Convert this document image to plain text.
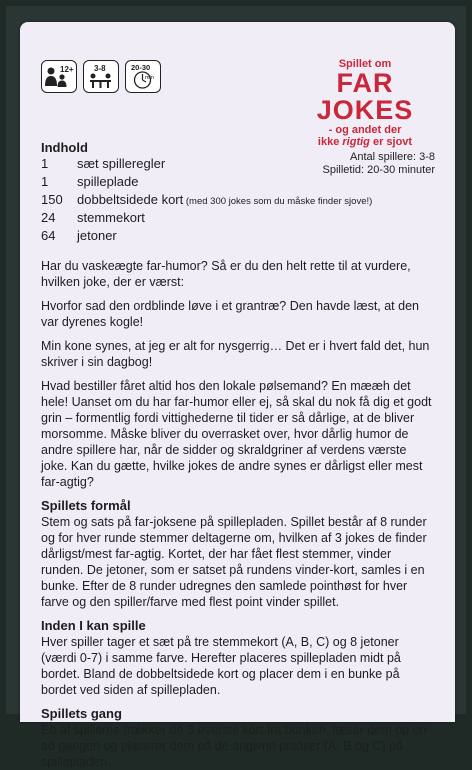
12+	3-8	20-30
min
Spillet om
FAR
JOKES
- og andet der
ikke rigtig er sjovt
Antal spillere: 3-8
Spilletid: 20-30 minuter
Indhold
1	sæt spilleregler
1	spilleplade
150	dobbeltsidede kort (med 300 jokes som du måske finder sjove!)
24	stemmekort
64	jetoner

Har du vaskeægte far-humor? Så er du den helt rette til at vurdere, hvilken joke, der er værst:

Hvorfor sad den ordblinde løve i et grantræ? Den havde læst, at den var dyrenes kogle!

Min kone synes, at jeg er alt for nysgerrig… Det er i hvert fald det, hun skriver i sin dagbog!

Hvad bestiller fåret altid hos den lokale pølsemand? En mææh det hele! Uanset om du har far-humor eller ej, så skal du nok få dig et godt grin – formentlig fordi vittighederne til tider er så dårlige, at de bliver morsomme. Måske bliver du overrasket over, hvor dårlig humor de andre spillere har, når de sidder og skraldgriner af verdens værste joke. Kan du gætte, hvilke jokes de andre synes er dårligst eller mest far-agtig?

Spillets formål

Stem og sats på far-joksene på spillepladen. Spillet består af 8 runder og for hver runde stemmer deltagerne om, hvilken af 3 jokes de finder dårligst/mest far-agtig. Kortet, der har fået flest stemmer, vinder runden. De jetoner, som er satset på rundens vinder-kort, samles i en bunke. Efter de 8 runder udregnes den samlede pointhøst for hver farve og den spiller/farve med flest point vinder spillet.

Inden I kan spille

Hver spiller tager et sæt på tre stemmekort (A, B, C) og 8 jetoner (værdi 0-7) i samme farve. Herefter placeres spillepladen midt på bordet. Bland de dobbeltsidede kort og placer dem i en bunke på bordet ved siden af spillepladen.

Spillets gang

En af spillerne trækker de 3 øverste kort fra bunken, læser dem op en ad gangen og placerer dem på de angivne pladser (A, B og C) på spillepladen.
